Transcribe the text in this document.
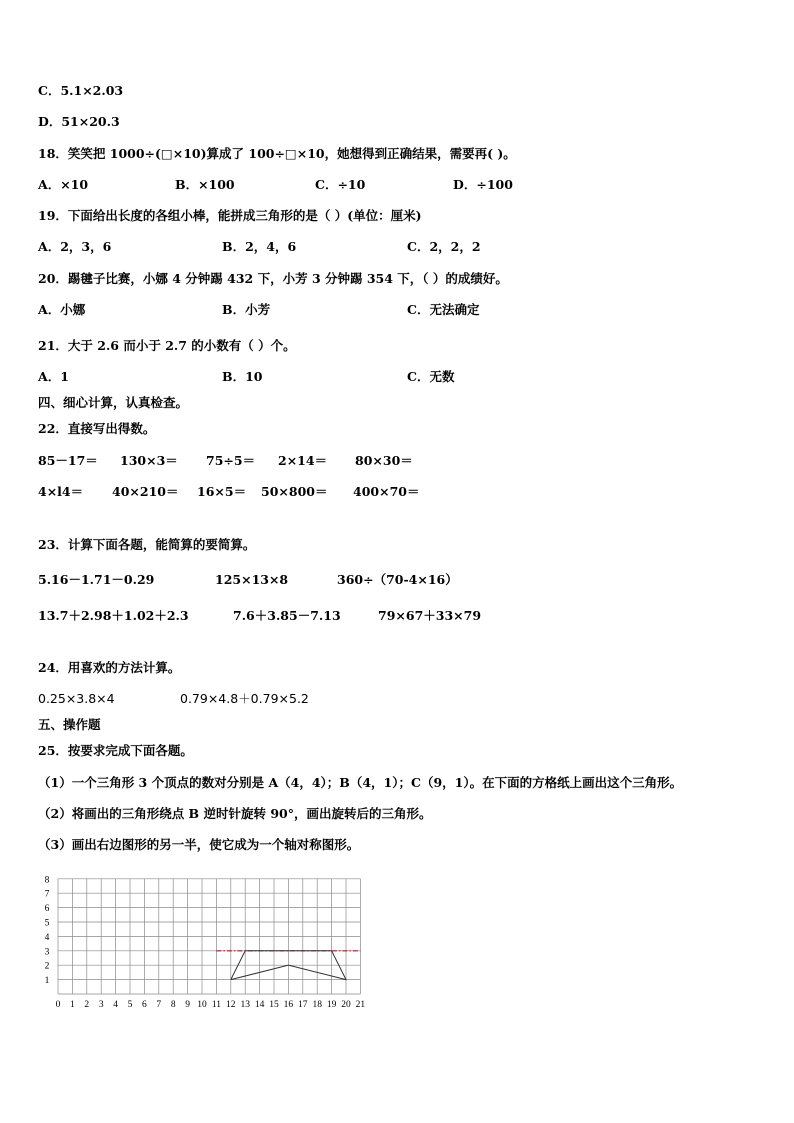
C．5.1×2.03
D．51×20.3
18．笑笑把 1000÷(□×10)算成了 100÷□×10，她想得到正确结果，需要再( )。
A．×10	B．×100	C．÷10	D．÷100
19．下面给出长度的各组小棒，能拼成三角形的是（ ）(单位：厘米)
A．2，3，6	B．2，4，6	C．2，2，2
20．踢毽子比赛，小娜 4 分钟踢 432 下，小芳 3 分钟踢 354 下，（ ）的成绩好。
A．小娜	B．小芳	C．无法确定
21．大于 2.6 而小于 2.7 的小数有（ ）个。
A．1	B．10	C．无数
四、细心计算，认真检查。
22．直接写出得数。
85－17＝ 130×3＝ 75÷5＝ 2×14＝ 80×30＝
4×l4＝ 40×210＝ 16×5＝ 50×800＝ 400×70＝
23．计算下面各题，能简算的要简算。
5.16－1.71－0.29	125×13×8	360÷（70-4×16）
13.7＋2.98＋1.02＋2.3	7.6＋3.85－7.13	79×67＋33×79
24．用喜欢的方法计算。
0.25×3.8×4	0.79×4.8＋0.79×5.2
五、操作题
25．按要求完成下面各题。
（1）一个三角形 3 个顶点的数对分别是 A（4，4）；B（4，1）；C（9，1）。在下面的方格纸上画出这个三角形。
（2）将画出的三角形绕点 B 逆时针旋转 90°，画出旋转后的三角形。
（3）画出右边图形的另一半，使它成为一个轴对称图形。
0 1 2 3 4 5 6 7 8 9 10 11 12 13 14 15 16 17 18 19 20 21
1
2
3
4
5
6
7
8
